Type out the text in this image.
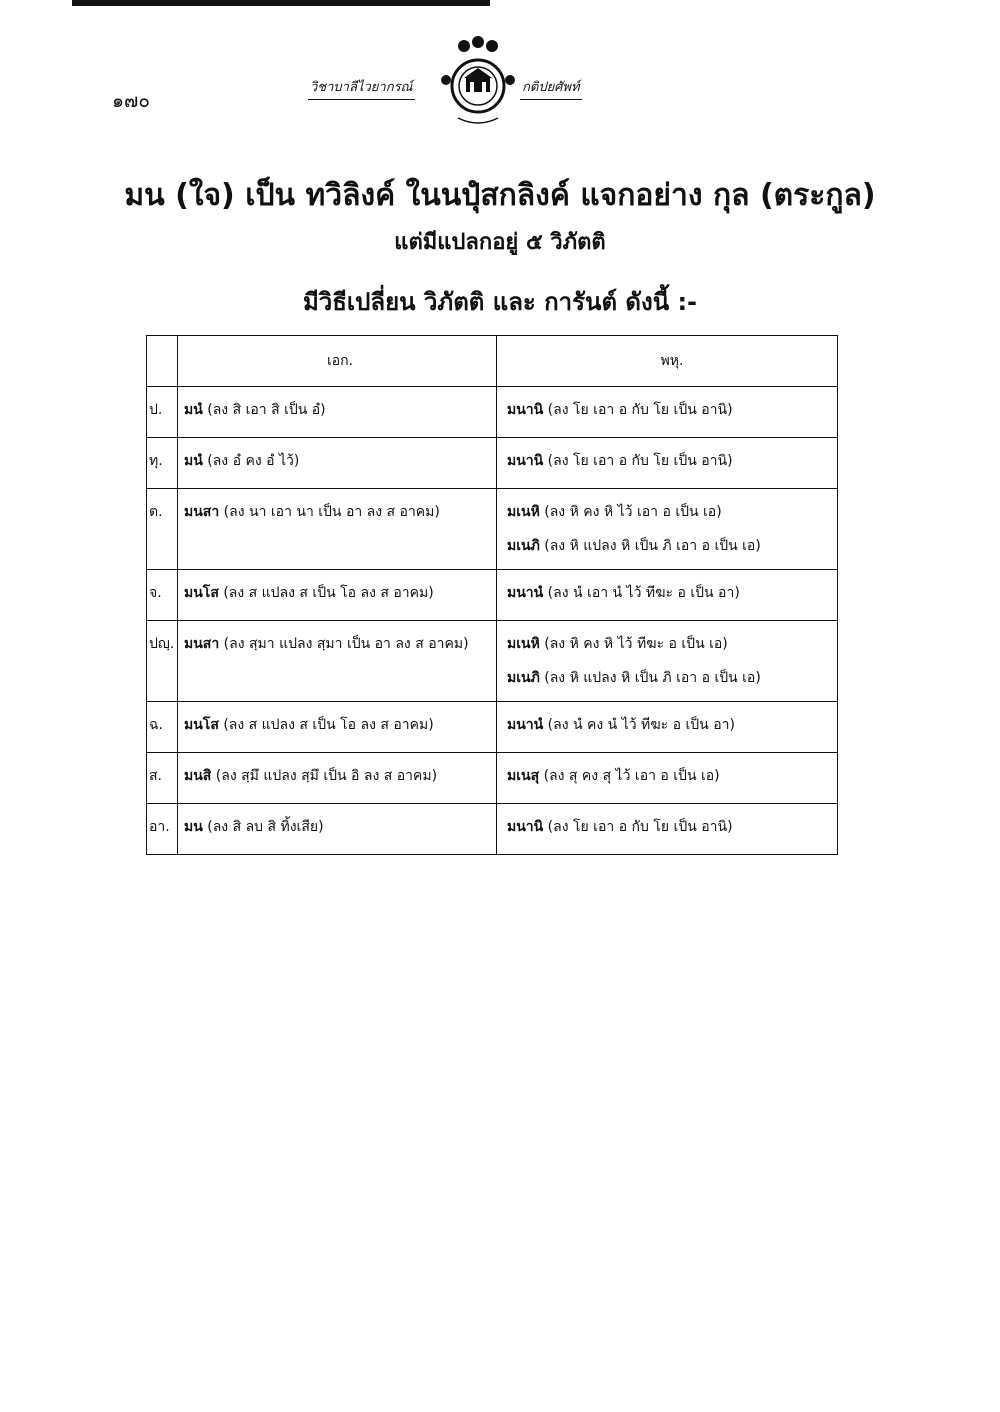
๑๗๐
วิชาบาลีไวยากรณ์	กติปยศัพท์
มน (ใจ) เป็น ทวิลิงค์ ในนปุํสกลิงค์ แจกอย่าง กุล (ตระกูล)
แต่มีแปลกอยู่ ๕ วิภัตติ
มีวิธีเปลี่ยน วิภัตติ และ การันต์ ดังนี้ :-
	เอก.	พหุ.

ป.	มนํ (ลง สิ เอา สิ เป็น อํ)	มนานิ (ลง โย เอา อ กับ โย เป็น อานิ)

ทุ.	มนํ (ลง อํ คง อํ ไว้)	มนานิ (ลง โย เอา อ กับ โย เป็น อานิ)

ต.	มนสา (ลง นา เอา นา เป็น อา ลง ส อาคม)	มเนหิ (ลง หิ คง หิ ไว้ เอา อ เป็น เอ)
มเนภิ (ลง หิ แปลง หิ เป็น ภิ เอา อ เป็น เอ)

จ.	มนโส (ลง ส แปลง ส เป็น โอ ลง ส อาคม)	มนานํ (ลง นํ เอา นํ ไว้ ทีฆะ อ เป็น อา)

ปญฺ.	มนสา (ลง สฺมา แปลง สฺมา เป็น อา ลง ส อาคม)	มเนหิ (ลง หิ คง หิ ไว้ ทีฆะ อ เป็น เอ)
มเนภิ (ลง หิ แปลง หิ เป็น ภิ เอา อ เป็น เอ)

ฉ.	มนโส (ลง ส แปลง ส เป็น โอ ลง ส อาคม)	มนานํ (ลง นํ คง นํ ไว้ ทีฆะ อ เป็น อา)

ส.	มนสิ (ลง สฺมึ แปลง สฺมึ เป็น อิ ลง ส อาคม)	มเนสุ (ลง สุ คง สุ ไว้ เอา อ เป็น เอ)

อา.	มน (ลง สิ ลบ สิ ทิ้งเสีย)	มนานิ (ลง โย เอา อ กับ โย เป็น อานิ)
